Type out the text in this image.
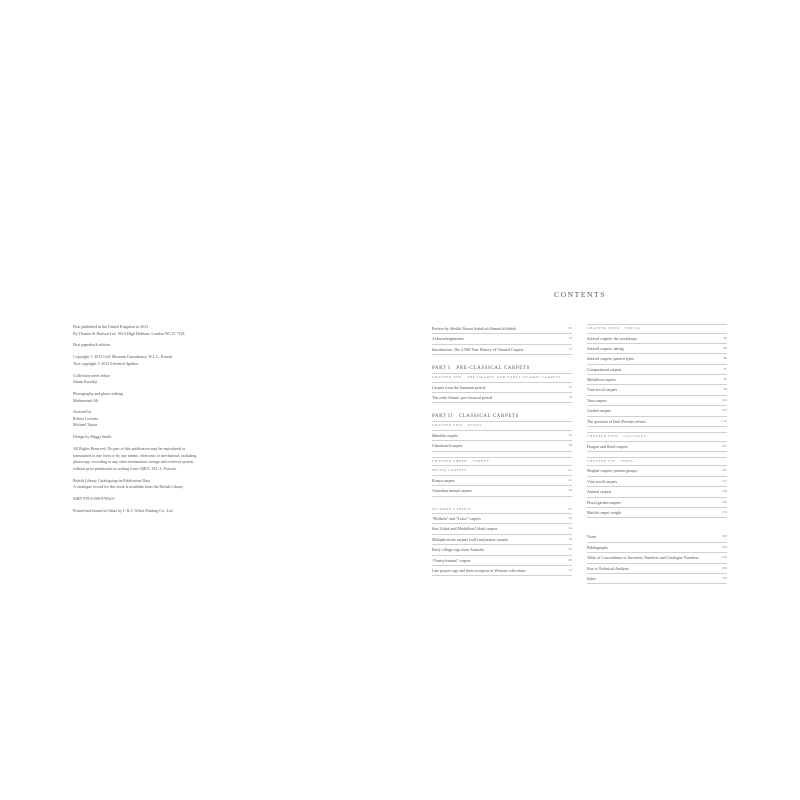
First published in the United Kingdom in 2013
By Thames & Hudson Ltd, 181A High Holborn, London WC1V 7QX
First paperback edition
Copyright © 2013 Goff Museum Consultancy, W.L.L. Kuwait
Text copyright © 2013 Friedrich Spuhler
Collection series editor
Salam Kaoukji
Photography and photo-editing
Muhammad Ali
Assisted by
Robert Lorenzo
Michael Tajoin
Design by Maggi Smith
All Rights Reserved. No part of this publication may be reproduced or
transmitted in any form or by any means, electronic or mechanical, including
photocopy, recording or any other information storage and retrieval system,
without prior permission in writing from GMCC W.L.L. Kuwait.
British Library Cataloguing-in-Publication Data
A catalogue record for this book is available from the British Library
ISBN 978-0-500-97054-0
Printed and bound in China by C & C Offset Printing Co., Ltd
CONTENTS
Preface by Sheikh Nasser Sabah al-Ahmad al-Sabah	09
Acknowledgements	10
Introduction: The 2,500-Year History of Oriental Carpets	13
PART I PRE-CLASSICAL CARPETS
CHAPTER ONE PRE-ISLAMIC AND EARLY ISLAMIC CARPETS
Carpets from the Sasanian period	15
The early Islamic pre-classical period	19
PART II CLASSICAL CARPETS
CHAPTER TWO EGYPT
Mamluk carpets	33
Chessboard carpets	38
CHAPTER THREE TURKEY
SELJUQ CARPETS	42
Konya carpets	42
Anatolian animal carpets	46
OTTOMAN CARPETS	50
“Holbein” and “Lotto” carpets	50
Star Ushak and Medallion Ushak carpets	54
Multiple-niche carpets (saff) and prayer carpets	58
Early village rugs from Anatolia	63
“Transylvanian” carpets	68
Late prayer rugs and their reception in Western collections	72
CHAPTER FOUR PERSIA
Safavid carpets: the workshops	82
Safavid carpets: dating	86
Safavid carpets: pattern types	86
Compartment carpets	87
Medallion carpets	90
Vine-scroll carpets	98
Vase carpets	104
Garden carpets	107
The question of Indo-Persian velvets	110
CHAPTER FIVE CAUCASUS
Dragon and floral carpets	127
CHAPTER SIX INDIA
Mughal carpets: pattern groups	147
Vine-scroll carpets	147
Animal carpets	148
Floral garden carpets	156
Marble carpet weight	176
Notes	180
Bibliography	182
Table of Concordance of Inventory Numbers and Catalogue Numbers	184
Key to Technical Analysis	184
Index	185
